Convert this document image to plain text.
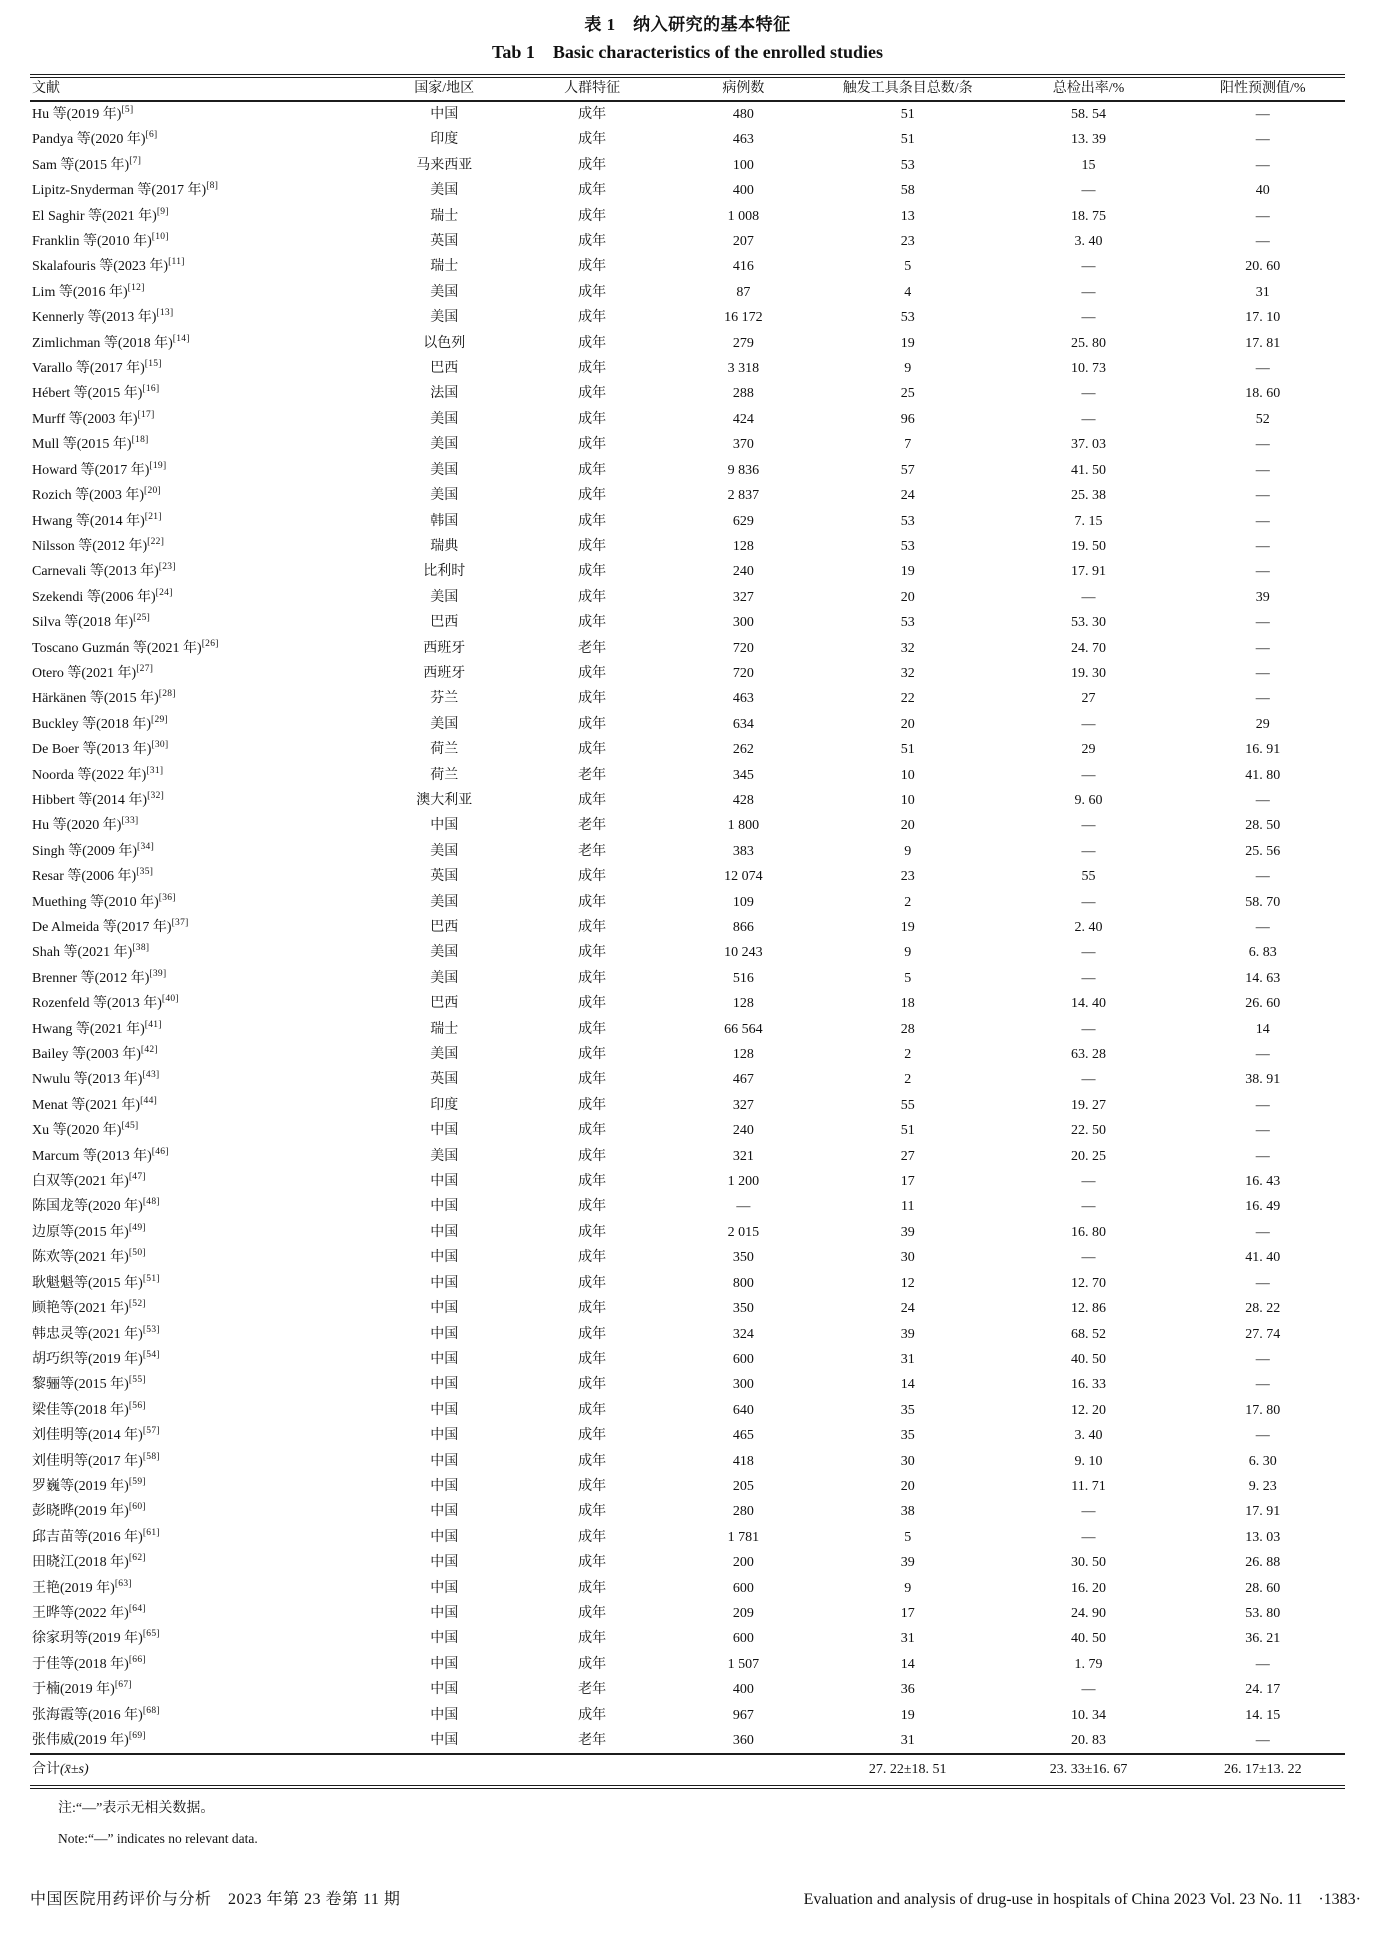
表 1　纳入研究的基本特征
Tab 1　Basic characteristics of the enrolled studies
文献	国家/地区	人群特征	病例数	触发工具条目总数/条	总检出率/%	阳性预测值/%
Hu 等(2019 年)[5]	中国	成年	480	51	58. 54	—
Pandya 等(2020 年)[6]	印度	成年	463	51	13. 39	—
Sam 等(2015 年)[7]	马来西亚	成年	100	53	15	—
Lipitz-Snyderman 等(2017 年)[8]	美国	成年	400	58	—	40
El Saghir 等(2021 年)[9]	瑞士	成年	1 008	13	18. 75	—
Franklin 等(2010 年)[10]	英国	成年	207	23	3. 40	—
Skalafouris 等(2023 年)[11]	瑞士	成年	416	5	—	20. 60
Lim 等(2016 年)[12]	美国	成年	87	4	—	31
Kennerly 等(2013 年)[13]	美国	成年	16 172	53	—	17. 10
Zimlichman 等(2018 年)[14]	以色列	成年	279	19	25. 80	17. 81
Varallo 等(2017 年)[15]	巴西	成年	3 318	9	10. 73	—
Hébert 等(2015 年)[16]	法国	成年	288	25	—	18. 60
Murff 等(2003 年)[17]	美国	成年	424	96	—	52
Mull 等(2015 年)[18]	美国	成年	370	7	37. 03	—
Howard 等(2017 年)[19]	美国	成年	9 836	57	41. 50	—
Rozich 等(2003 年)[20]	美国	成年	2 837	24	25. 38	—
Hwang 等(2014 年)[21]	韩国	成年	629	53	7. 15	—
Nilsson 等(2012 年)[22]	瑞典	成年	128	53	19. 50	—
Carnevali 等(2013 年)[23]	比利时	成年	240	19	17. 91	—
Szekendi 等(2006 年)[24]	美国	成年	327	20	—	39
Silva 等(2018 年)[25]	巴西	成年	300	53	53. 30	—
Toscano Guzmán 等(2021 年)[26]	西班牙	老年	720	32	24. 70	—
Otero 等(2021 年)[27]	西班牙	成年	720	32	19. 30	—
Härkänen 等(2015 年)[28]	芬兰	成年	463	22	27	—
Buckley 等(2018 年)[29]	美国	成年	634	20	—	29
De Boer 等(2013 年)[30]	荷兰	成年	262	51	29	16. 91
Noorda 等(2022 年)[31]	荷兰	老年	345	10	—	41. 80
Hibbert 等(2014 年)[32]	澳大利亚	成年	428	10	9. 60	—
Hu 等(2020 年)[33]	中国	老年	1 800	20	—	28. 50
Singh 等(2009 年)[34]	美国	老年	383	9	—	25. 56
Resar 等(2006 年)[35]	英国	成年	12 074	23	55	—
Muething 等(2010 年)[36]	美国	成年	109	2	—	58. 70
De Almeida 等(2017 年)[37]	巴西	成年	866	19	2. 40	—
Shah 等(2021 年)[38]	美国	成年	10 243	9	—	6. 83
Brenner 等(2012 年)[39]	美国	成年	516	5	—	14. 63
Rozenfeld 等(2013 年)[40]	巴西	成年	128	18	14. 40	26. 60
Hwang 等(2021 年)[41]	瑞士	成年	66 564	28	—	14
Bailey 等(2003 年)[42]	美国	成年	128	2	63. 28	—
Nwulu 等(2013 年)[43]	英国	成年	467	2	—	38. 91
Menat 等(2021 年)[44]	印度	成年	327	55	19. 27	—
Xu 等(2020 年)[45]	中国	成年	240	51	22. 50	—
Marcum 等(2013 年)[46]	美国	成年	321	27	20. 25	—
白双等(2021 年)[47]	中国	成年	1 200	17	—	16. 43
陈国龙等(2020 年)[48]	中国	成年	—	11	—	16. 49
边原等(2015 年)[49]	中国	成年	2 015	39	16. 80	—
陈欢等(2021 年)[50]	中国	成年	350	30	—	41. 40
耿魁魁等(2015 年)[51]	中国	成年	800	12	12. 70	—
顾艳等(2021 年)[52]	中国	成年	350	24	12. 86	28. 22
韩忠灵等(2021 年)[53]	中国	成年	324	39	68. 52	27. 74
胡巧织等(2019 年)[54]	中国	成年	600	31	40. 50	—
黎骊等(2015 年)[55]	中国	成年	300	14	16. 33	—
梁佳等(2018 年)[56]	中国	成年	640	35	12. 20	17. 80
刘佳明等(2014 年)[57]	中国	成年	465	35	3. 40	—
刘佳明等(2017 年)[58]	中国	成年	418	30	9. 10	6. 30
罗巍等(2019 年)[59]	中国	成年	205	20	11. 71	9. 23
彭晓晔(2019 年)[60]	中国	成年	280	38	—	17. 91
邱吉苗等(2016 年)[61]	中国	成年	1 781	5	—	13. 03
田晓江(2018 年)[62]	中国	成年	200	39	30. 50	26. 88
王艳(2019 年)[63]	中国	成年	600	9	16. 20	28. 60
王晔等(2022 年)[64]	中国	成年	209	17	24. 90	53. 80
徐家玥等(2019 年)[65]	中国	成年	600	31	40. 50	36. 21
于佳等(2018 年)[66]	中国	成年	1 507	14	1. 79	—
于楠(2019 年)[67]	中国	老年	400	36	—	24. 17
张海霞等(2016 年)[68]	中国	成年	967	19	10. 34	14. 15
张伟威(2019 年)[69]	中国	老年	360	31	20. 83	—
合计(x̄±s)				27. 22±18. 51	23. 33±16. 67	26. 17±13. 22
注:“—”表示无相关数据。
Note:“—” indicates no relevant data.
中国医院用药评价与分析　2023 年第 23 卷第 11 期	Evaluation and analysis of drug-use in hospitals of China 2023 Vol. 23 No. 11　·1383·
